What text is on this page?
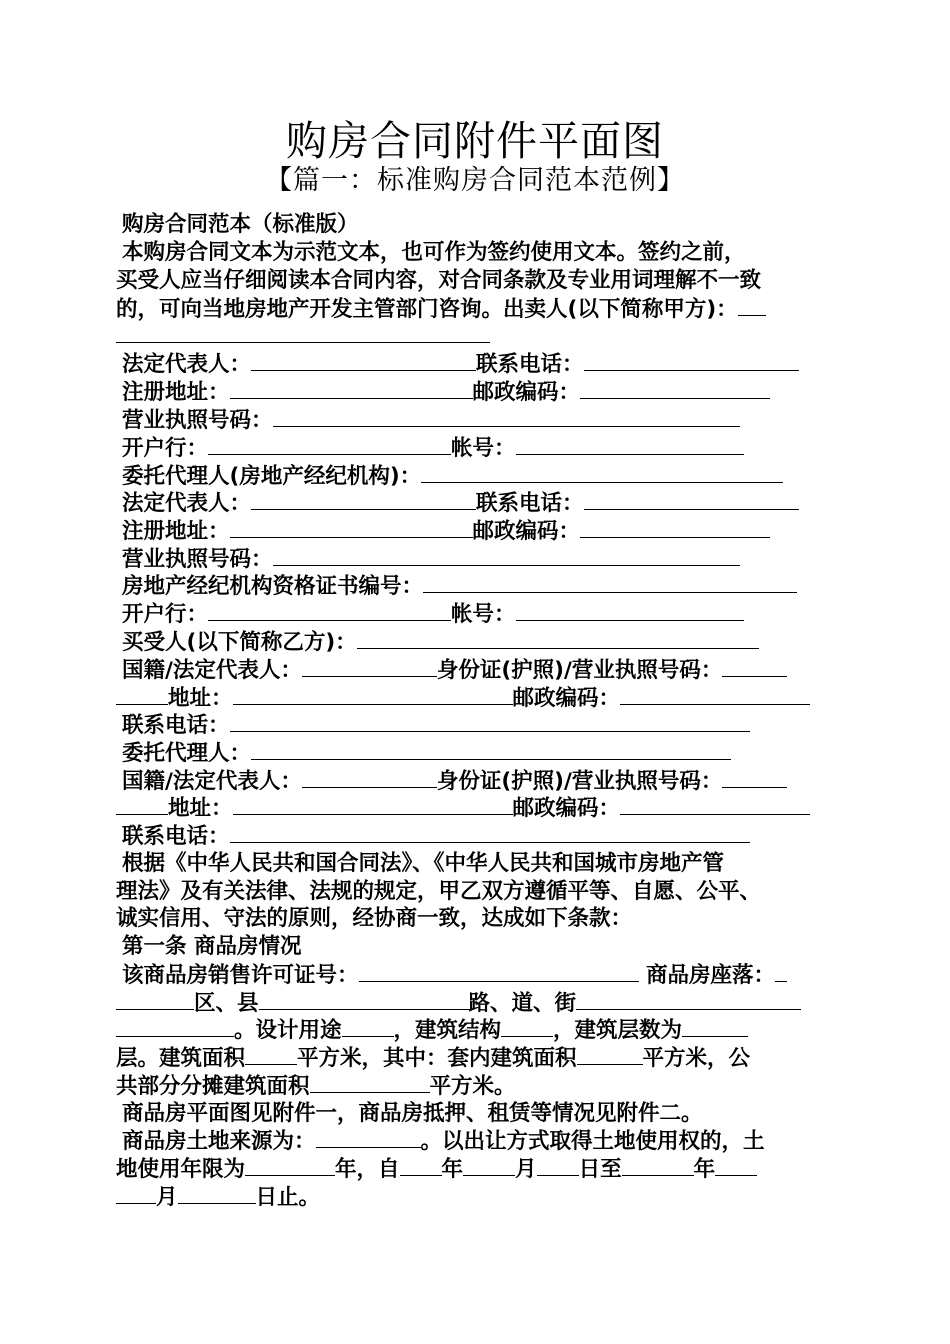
购房合同附件平面图
【篇一：标准购房合同范本范例】
购房合同范本（标准版）
本购房合同文本为示范文本，也可作为签约使用文本。签约之前，
买受人应当仔细阅读本合同内容，对合同条款及专业用词理解不一致
的，可向当地房地产开发主管部门咨询。出卖人(以下简称甲方)：
法定代表人：	联系电话：
注册地址：	邮政编码：
营业执照号码：
开户行：	帐号：
委托代理人(房地产经纪机构)：
法定代表人：	联系电话：
注册地址：	邮政编码：
营业执照号码：
房地产经纪机构资格证书编号：
开户行：	帐号：
买受人(以下简称乙方)：
国籍/法定代表人：	身份证(护照)/营业执照号码：
地址：	邮政编码：
联系电话：
委托代理人：
国籍/法定代表人：	身份证(护照)/营业执照号码：
地址：	邮政编码：
联系电话：
根据《中华人民共和国合同法》、《中华人民共和国城市房地产管
理法》及有关法律、法规的规定，甲乙双方遵循平等、自愿、公平、
诚实信用、守法的原则，经协商一致，达成如下条款：
第一条 商品房情况
该商品房销售许可证号：	商品房座落：
区、县	路、道、街
。设计用途 ，建筑结构 ，建筑层数为
层。建筑面积 平方米，其中：套内建筑面积	平方米，公
共部分分摊建筑面积	平方米。
商品房平面图见附件一，商品房抵押、租赁等情况见附件二。
商品房土地来源为：	。以出让方式取得土地使用权的，土
地使用年限为	年，自 年 月 日至	年
月	日止。
